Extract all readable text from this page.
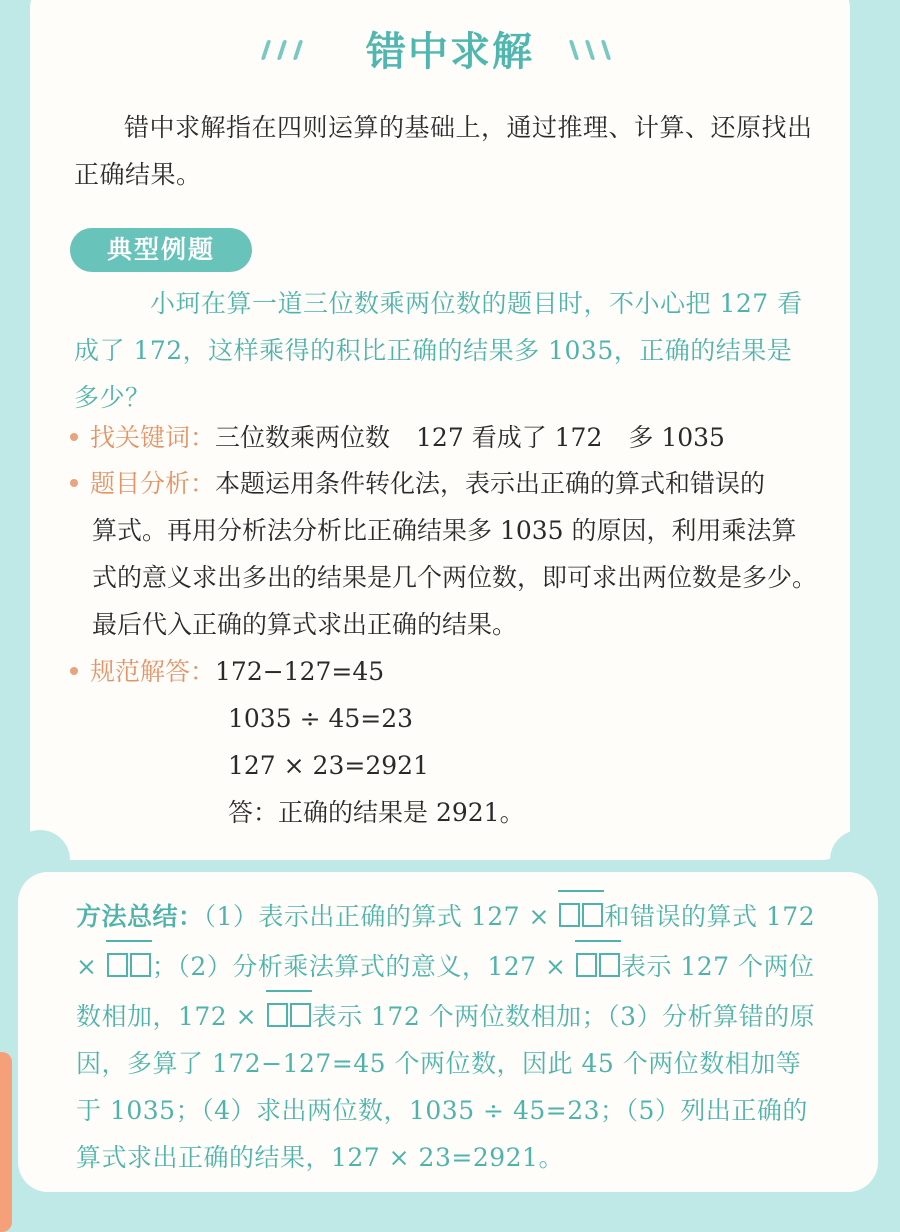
错中求解
错中求解指在四则运算的基础上，通过推理、计算、还原找出正确结果。
典型例题
小珂在算一道三位数乘两位数的题目时，不小心把 127 看成了 172，这样乘得的积比正确的结果多 1035，正确的结果是多少？
找关键词：三位数乘两位数 127 看成了 172 多 1035
题目分析：本题运用条件转化法，表示出正确的算式和错误的
算式。再用分析法分析比正确结果多 1035 的原因，利用乘法算式的意义求出多出的结果是几个两位数，即可求出两位数是多少。最后代入正确的算式求出正确的结果。
规范解答：172−127=45
1035 ÷ 45=23
127 × 23=2921
答：正确的结果是 2921。
方法总结：（1）表示出正确的算式 127 × 和错误的算式 172 × ；（2）分析乘法算式的意义，127 × 表示 127 个两位数相加，172 × 表示 172 个两位数相加；（3）分析算错的原因，多算了 172−127=45 个两位数，因此 45 个两位数相加等于 1035；（4）求出两位数，1035 ÷ 45=23；（5）列出正确的算式求出正确的结果，127 × 23=2921。
